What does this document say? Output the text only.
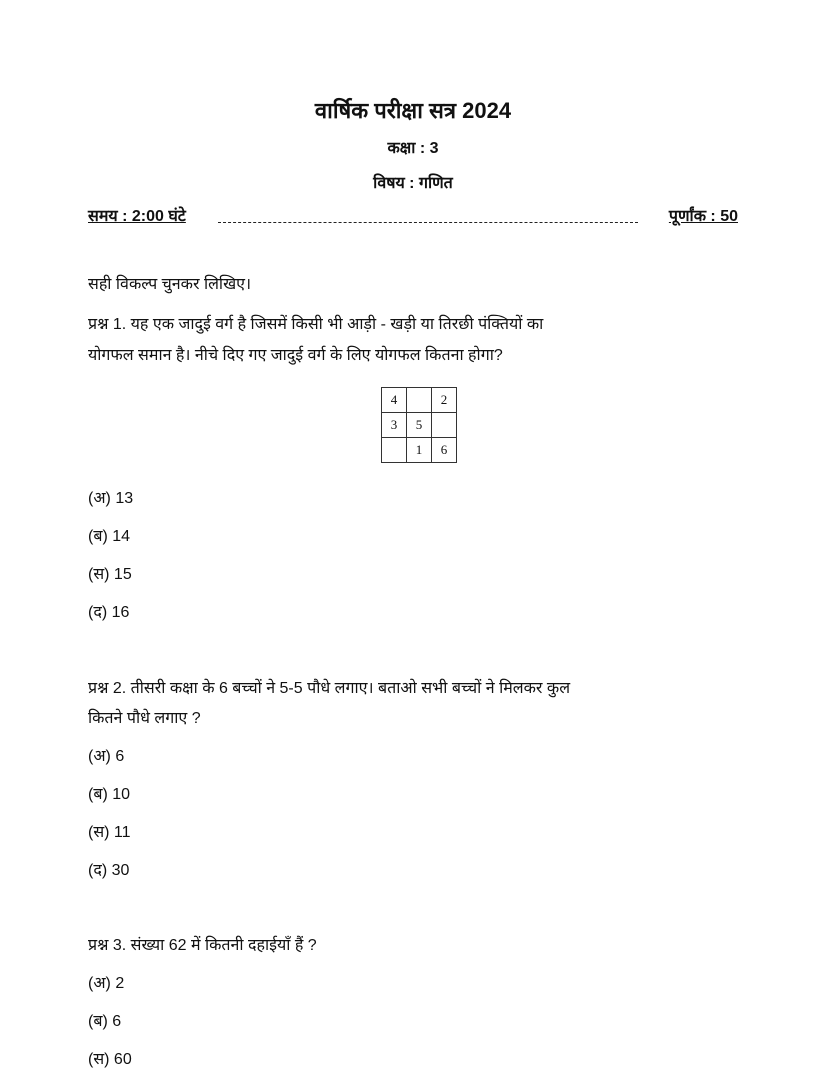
वार्षिक परीक्षा सत्र 2024
कक्षा : 3
विषय : गणित
समय : 2:00 घंटे	पूर्णांक : 50
सही विकल्प चुनकर लिखिए।
प्रश्न 1. यह एक जादुई वर्ग है जिसमें किसी भी आड़ी - खड़ी या तिरछी पंक्तियों का
योगफल समान है। नीचे दिए गए जादुई वर्ग के लिए योगफल कितना होगा?
4		2
3	5	
	1	6
(अ) 13
(ब) 14
(स) 15
(द) 16
प्रश्न 2. तीसरी कक्षा के 6 बच्चों ने 5-5 पौधे लगाए। बताओ सभी बच्चों ने मिलकर कुल
कितने पौधे लगाए ?
(अ) 6
(ब) 10
(स) 11
(द) 30
प्रश्न 3. संख्या 62 में कितनी दहाईयाँ हैं ?
(अ) 2
(ब) 6
(स) 60
